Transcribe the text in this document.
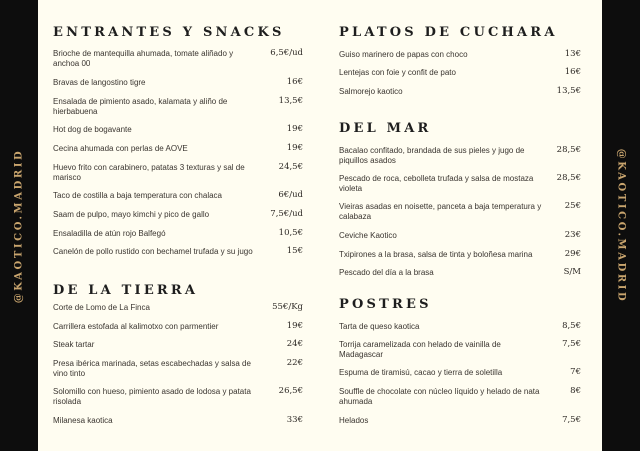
@KAOTICO.MADRID	@KAOTICO.MADRID
ENTRANTES Y SNACKS
Brioche de mantequilla ahumada, tomate aliñado y anchoa 00
6,5€/ud
Bravas de langostino tigre	16€
Ensalada de pimiento asado, kalamata y aliño de hierbabuena
13,5€
Hot dog de bogavante	19€
Cecina ahumada con perlas de AOVE	19€
Huevo frito con carabinero, patatas 3 texturas y sal de marisco
24,5€
Taco de costilla a baja temperatura con chalaca	6€/ud
Saam de pulpo, mayo kimchi y pico de gallo	7,5€/ud
Ensaladilla de atún rojo Balfegó	10,5€
Canelón de pollo rustido con bechamel trufada y su jugo	15€
DE LA TIERRA
Corte de Lomo de La Finca	55€/Kg
Carrillera estofada al kalimotxo con parmentier	19€
Steak tartar	24€
Presa ibérica marinada, setas escabechadas y salsa de vino tinto
22€
Solomillo con hueso, pimiento asado de lodosa y patata risolada
26,5€
Milanesa kaotica	33€
PLATOS DE CUCHARA
Guiso marinero de papas con choco	13€
Lentejas con foie y confit de pato	16€
Salmorejo kaotico	13,5€
DEL MAR
Bacalao confitado, brandada de sus pieles y jugo de piquillos asados
28,5€
Pescado de roca, cebolleta trufada y salsa de mostaza violeta
28,5€
Vieiras asadas en noisette, panceta a baja temperatura y calabaza
25€
Ceviche Kaotico	23€
Txipirones a la brasa, salsa de tinta y boloñesa marina	29€
Pescado del día a la brasa	S/M
POSTRES
Tarta de queso kaotica	8,5€
Torrija caramelizada con helado de vainilla de Madagascar
7,5€
Espuma de tiramisú, cacao y tierra de soletilla	7€
Souffle de chocolate con núcleo líquido y helado de nata ahumada
8€
Helados	7,5€
